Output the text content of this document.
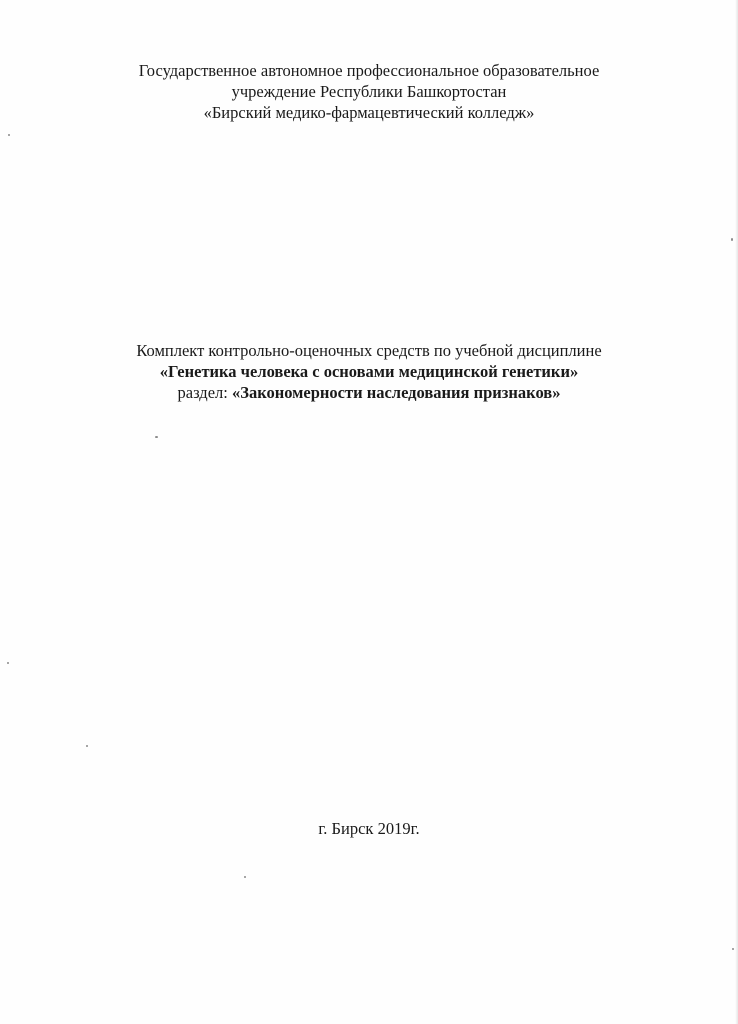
Государственное автономное профессиональное образовательное
учреждение Республики Башкортостан
«Бирский медико-фармацевтический колледж»
Комплект контрольно-оценочных средств по учебной дисциплине
«Генетика человека с основами медицинской генетики»
раздел: «Закономерности наследования признаков»
г. Бирск 2019г.
